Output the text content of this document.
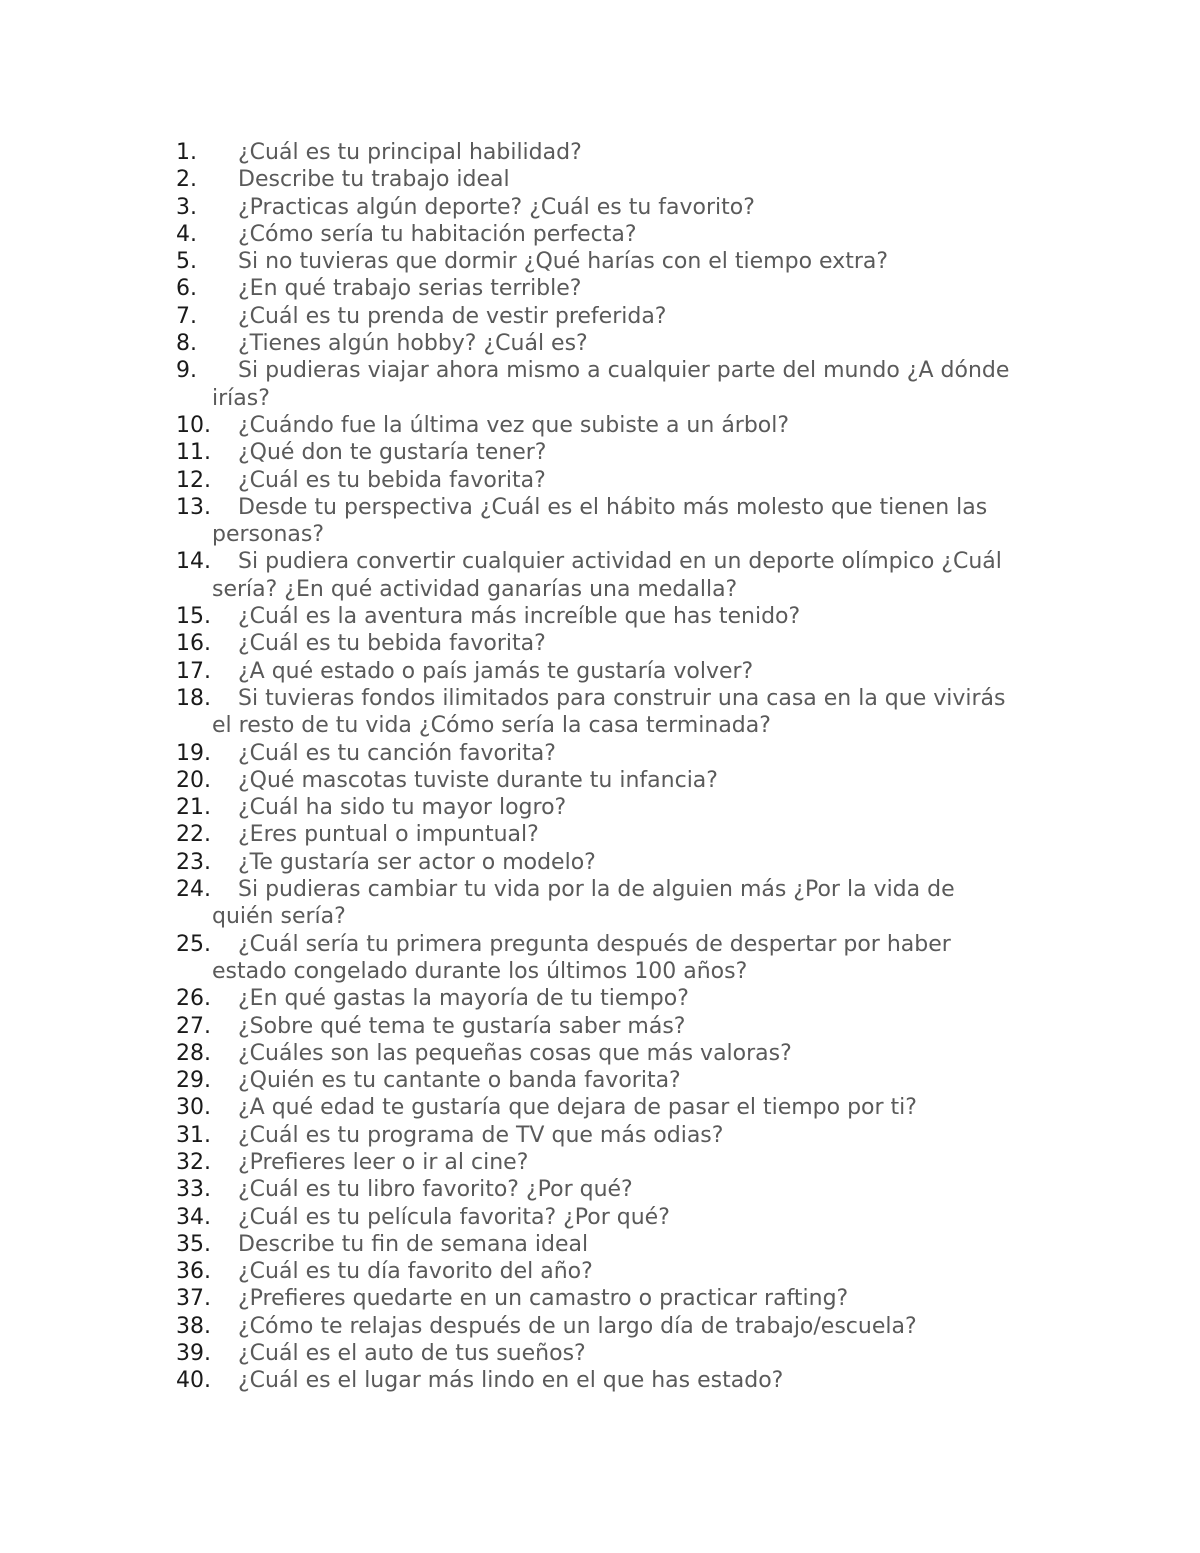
1.	¿Cuál es tu principal habilidad?
2.	Describe tu trabajo ideal
3.	¿Practicas algún deporte? ¿Cuál es tu favorito?
4.	¿Cómo sería tu habitación perfecta?
5.	Si no tuvieras que dormir ¿Qué harías con el tiempo extra?
6.	¿En qué trabajo serias terrible?
7.	¿Cuál es tu prenda de vestir preferida?
8.	¿Tienes algún hobby? ¿Cuál es?
9.	Si pudieras viajar ahora mismo a cualquier parte del mundo ¿A dónde irías?
10.	¿Cuándo fue la última vez que subiste a un árbol?
11.	¿Qué don te gustaría tener?
12.	¿Cuál es tu bebida favorita?
13.	Desde tu perspectiva ¿Cuál es el hábito más molesto que tienen las personas?
14.	Si pudiera convertir cualquier actividad en un deporte olímpico ¿Cuál sería? ¿En qué actividad ganarías una medalla?
15.	¿Cuál es la aventura más increíble que has tenido?
16.	¿Cuál es tu bebida favorita?
17.	¿A qué estado o país jamás te gustaría volver?
18.	Si tuvieras fondos ilimitados para construir una casa en la que vivirás el resto de tu vida ¿Cómo sería la casa terminada?
19.	¿Cuál es tu canción favorita?
20.	¿Qué mascotas tuviste durante tu infancia?
21.	¿Cuál ha sido tu mayor logro?
22.	¿Eres puntual o impuntual?
23.	¿Te gustaría ser actor o modelo?
24.	Si pudieras cambiar tu vida por la de alguien más ¿Por la vida de quién sería?
25.	¿Cuál sería tu primera pregunta después de despertar por haber estado congelado durante los últimos 100 años?
26.	¿En qué gastas la mayoría de tu tiempo?
27.	¿Sobre qué tema te gustaría saber más?
28.	¿Cuáles son las pequeñas cosas que más valoras?
29.	¿Quién es tu cantante o banda favorita?
30.	¿A qué edad te gustaría que dejara de pasar el tiempo por ti?
31.	¿Cuál es tu programa de TV que más odias?
32.	¿Prefieres leer o ir al cine?
33.	¿Cuál es tu libro favorito? ¿Por qué?
34.	¿Cuál es tu película favorita? ¿Por qué?
35.	Describe tu fin de semana ideal
36.	¿Cuál es tu día favorito del año?
37.	¿Prefieres quedarte en un camastro o practicar rafting?
38.	¿Cómo te relajas después de un largo día de trabajo/escuela?
39.	¿Cuál es el auto de tus sueños?
40.	¿Cuál es el lugar más lindo en el que has estado?
